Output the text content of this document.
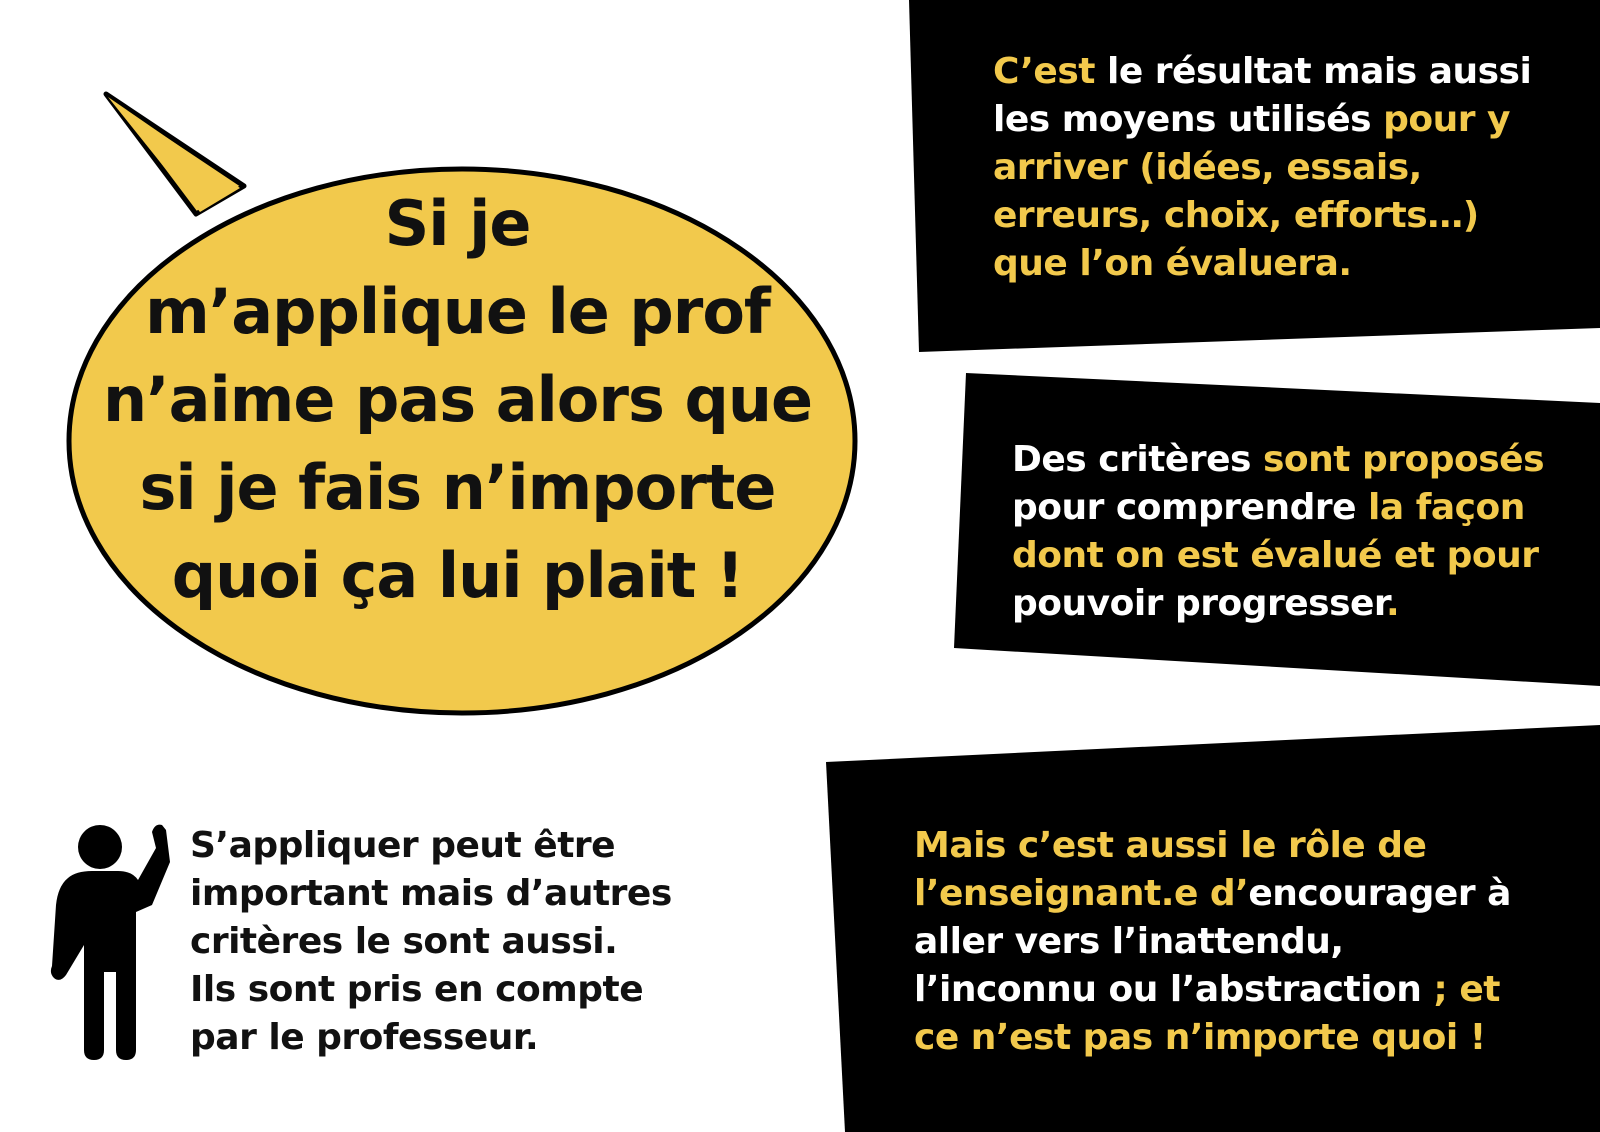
Si je
m’applique le prof
n’aime pas alors que
si je fais n’importe
quoi ça lui plait !
C’est le résultat mais aussi
les moyens utilisés pour y
arriver (idées, essais,
erreurs, choix, efforts…)
que l’on évaluera.
Des critères sont proposés
pour comprendre la façon
dont on est évalué et pour
pouvoir progresser.
Mais c’est aussi le rôle de
l’enseignant.e d’encourager à
aller vers l’inattendu,
l’inconnu ou l’abstraction ; et
ce n’est pas n’importe quoi !
S’appliquer peut être
important mais d’autres
critères le sont aussi.
Ils sont pris en compte
par le professeur.
